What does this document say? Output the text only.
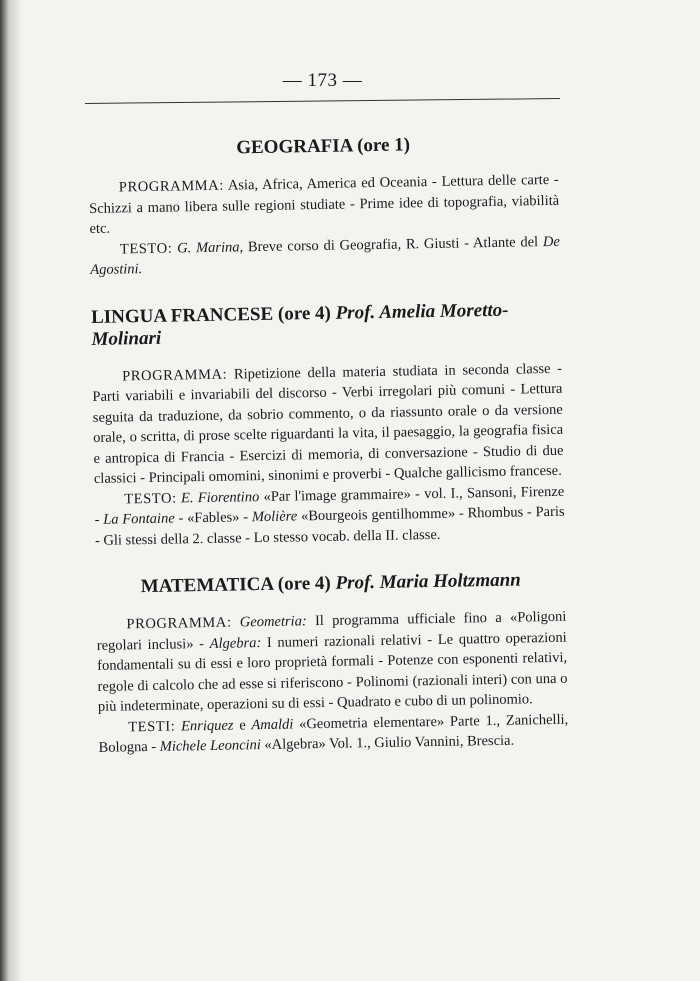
— 173 —
GEOGRAFIA (ore 1)

PROGRAMMA: Asia, Africa, America ed Oceania - Lettura delle carte - Schizzi a mano libera sulle regioni studiate - Prime idee di topografia, viabilità etc.

TESTO: G. Marina, Breve corso di Geografia, R. Giusti - Atlante del De Agostini.

LINGUA FRANCESE (ore 4) Prof. Amelia Moretto-Molinari

PROGRAMMA: Ripetizione della materia studiata in seconda classe - Parti variabili e invariabili del discorso - Verbi irregolari più comuni - Lettura seguita da traduzione, da sobrio commento, o da riassunto orale o da versione orale, o scritta, di prose scelte riguardanti la vita, il paesaggio, la geografia fisica e antropica di Francia - Esercizi di memoria, di conversazione - Studio di due classici - Principali omomini, sinonimi e proverbi - Qualche gallicismo francese.

TESTO: E. Fiorentino «Par l'image grammaire» - vol. I., Sansoni, Firenze - La Fontaine - «Fables» - Molière «Bourgeois gentilhomme» - Rhombus - Paris - Gli stessi della 2. classe - Lo stesso vocab. della II. classe.

MATEMATICA (ore 4) Prof. Maria Holtzmann

PROGRAMMA: Geometria: Il programma ufficiale fino a «Poligoni regolari inclusi» - Algebra: I numeri razionali relativi - Le quattro operazioni fondamentali su di essi e loro proprietà formali - Potenze con esponenti relativi, regole di calcolo che ad esse si riferiscono - Polinomi (razionali interi) con una o più indeterminate, operazioni su di essi - Quadrato e cubo di un polinomio.

TESTI: Enriquez e Amaldi «Geometria elementare» Parte 1., Zanichelli, Bologna - Michele Leoncini «Algebra» Vol. 1., Giulio Vannini, Brescia.
